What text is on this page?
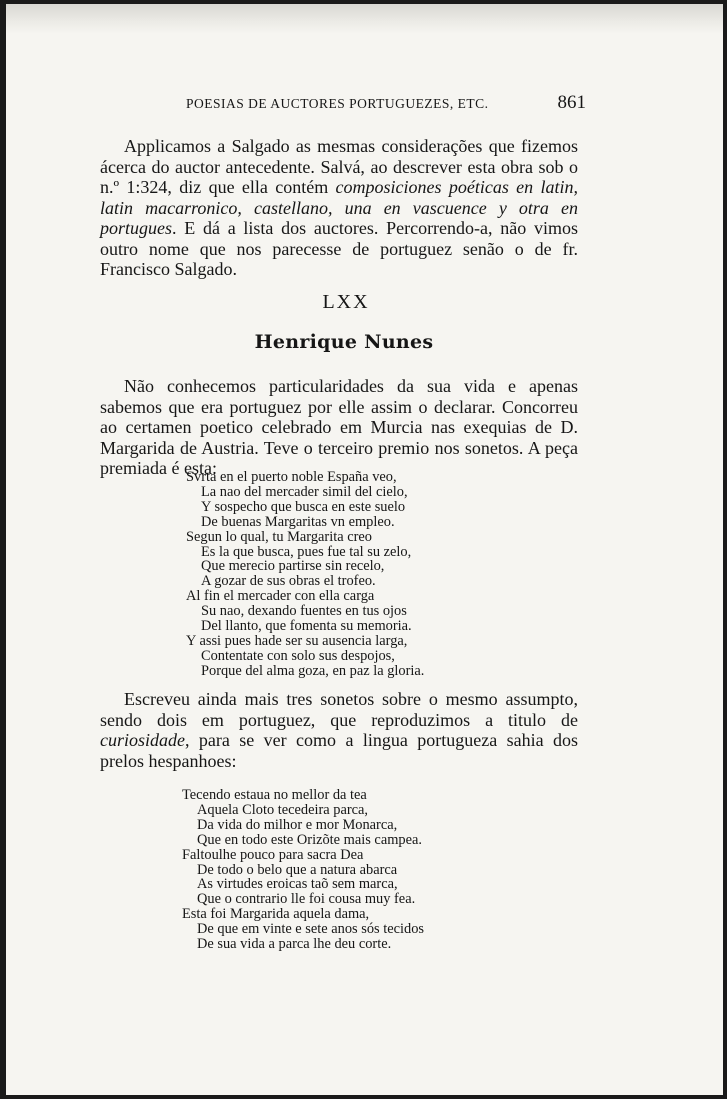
POESIAS DE AUCTORES PORTUGUEZES, ETC.	861

Applicamos a Salgado as mesmas considerações que fizemos ácerca do auctor antecedente. Salvá, ao descrever esta obra sob o n.º 1:324, diz que ella contém composiciones poéticas en latin, latin macarronico, castellano, una en vascuence y otra en portugues. E dá a lista dos auctores. Percorrendo-a, não vimos outro nome que nos parecesse de portuguez senão o de fr. Francisco Salgado.

LXX
Henrique Nunes

Não conhecemos particularidades da sua vida e apenas sabemos que era portuguez por elle assim o declarar. Concorreu ao certamen poetico celebrado em Murcia nas exequias de D. Margarida de Austria. Teve o terceiro premio nos sonetos. A peça premiada é esta:

Svrta en el puerto noble España veo,
La nao del mercader simil del cielo,
Y sospecho que busca en este suelo
De buenas Margaritas vn empleo.
Segun lo qual, tu Margarita creo
Es la que busca, pues fue tal su zelo,
Que merecio partirse sin recelo,
A gozar de sus obras el trofeo.
Al fin el mercader con ella carga
Su nao, dexando fuentes en tus ojos
Del llanto, que fomenta su memoria.
Y assi pues hade ser su ausencia larga,
Contentate con solo sus despojos,
Porque del alma goza, en paz la gloria.

Escreveu ainda mais tres sonetos sobre o mesmo assumpto, sendo dois em portuguez, que reproduzimos a titulo de curiosidade, para se ver como a lingua portugueza sahia dos prelos hespanhoes:

Tecendo estaua no mellor da tea
Aquela Cloto tecedeira parca,
Da vida do milhor e mor Monarca,
Que en todo este Orizõte mais campea.
Faltoulhe pouco para sacra Dea
De todo o belo que a natura abarca
As virtudes eroicas taõ sem marca,
Que o contrario lle foi cousa muy fea.
Esta foi Margarida aquela dama,
De que em vinte e sete anos sós tecidos
De sua vida a parca lhe deu corte.
